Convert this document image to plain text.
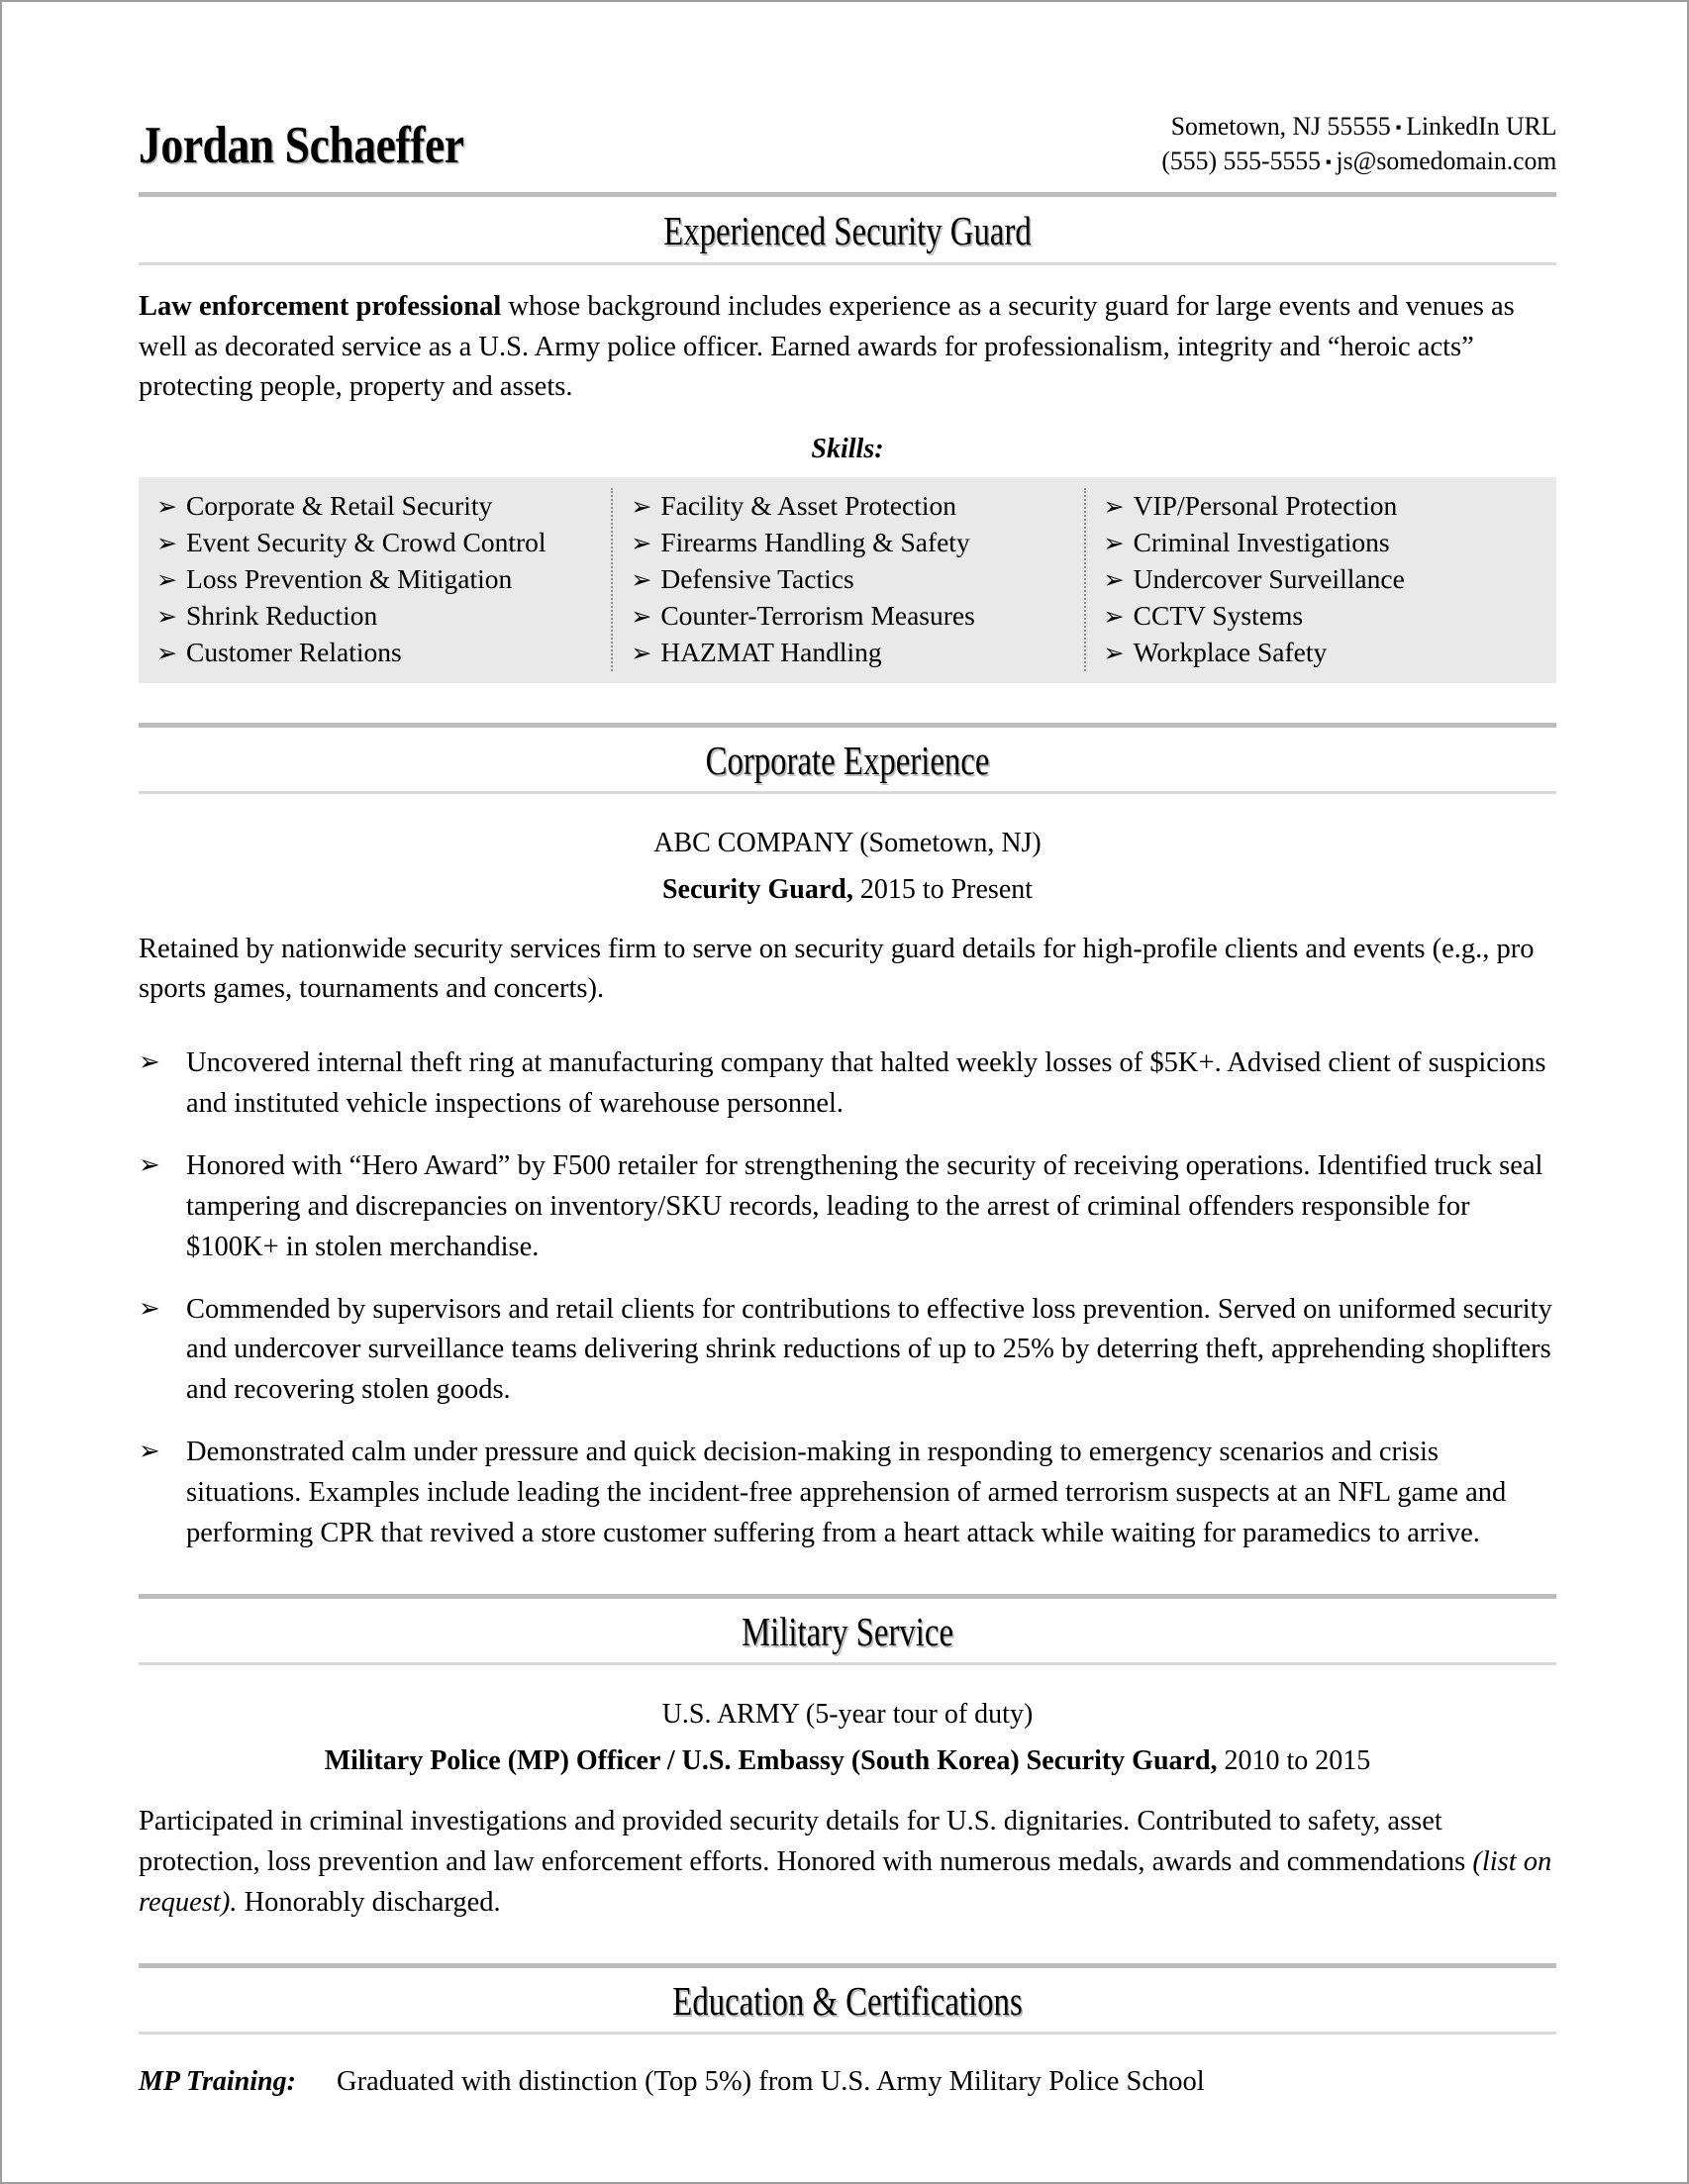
Jordan Schaeffer	Sometown, NJ 55555 ▪ LinkedIn URL
(555) 555-5555 ▪ js@somedomain.com
Experienced Security Guard
Law enforcement professional whose background includes experience as a security guard for large events and venues as well as decorated service as a U.S. Army police officer. Earned awards for professionalism, integrity and “heroic acts” protecting people, property and assets.
Skills:
➢ Corporate & Retail Security
➢ Event Security & Crowd Control
➢ Loss Prevention & Mitigation
➢ Shrink Reduction
➢ Customer Relations
➢ Facility & Asset Protection
➢ Firearms Handling & Safety
➢ Defensive Tactics
➢ Counter-Terrorism Measures
➢ HAZMAT Handling
➢ VIP/Personal Protection
➢ Criminal Investigations
➢ Undercover Surveillance
➢ CCTV Systems
➢ Workplace Safety
Corporate Experience
ABC COMPANY (Sometown, NJ)
Security Guard, 2015 to Present
Retained by nationwide security services firm to serve on security guard details for high-profile clients and events (e.g., pro sports games, tournaments and concerts).
➢ Uncovered internal theft ring at manufacturing company that halted weekly losses of $5K+. Advised client of suspicions and instituted vehicle inspections of warehouse personnel.
➢ Honored with “Hero Award” by F500 retailer for strengthening the security of receiving operations. Identified truck seal tampering and discrepancies on inventory/SKU records, leading to the arrest of criminal offenders responsible for $100K+ in stolen merchandise.
➢ Commended by supervisors and retail clients for contributions to effective loss prevention. Served on uniformed security and undercover surveillance teams delivering shrink reductions of up to 25% by deterring theft, apprehending shoplifters and recovering stolen goods.
➢ Demonstrated calm under pressure and quick decision-making in responding to emergency scenarios and crisis situations. Examples include leading the incident-free apprehension of armed terrorism suspects at an NFL game and performing CPR that revived a store customer suffering from a heart attack while waiting for paramedics to arrive.
Military Service
U.S. ARMY (5-year tour of duty)
Military Police (MP) Officer / U.S. Embassy (South Korea) Security Guard, 2010 to 2015
Participated in criminal investigations and provided security details for U.S. dignitaries. Contributed to safety, asset protection, loss prevention and law enforcement efforts. Honored with numerous medals, awards and commendations (list on request). Honorably discharged.
Education & Certifications
MP Training:	Graduated with distinction (Top 5%) from U.S. Army Military Police School
